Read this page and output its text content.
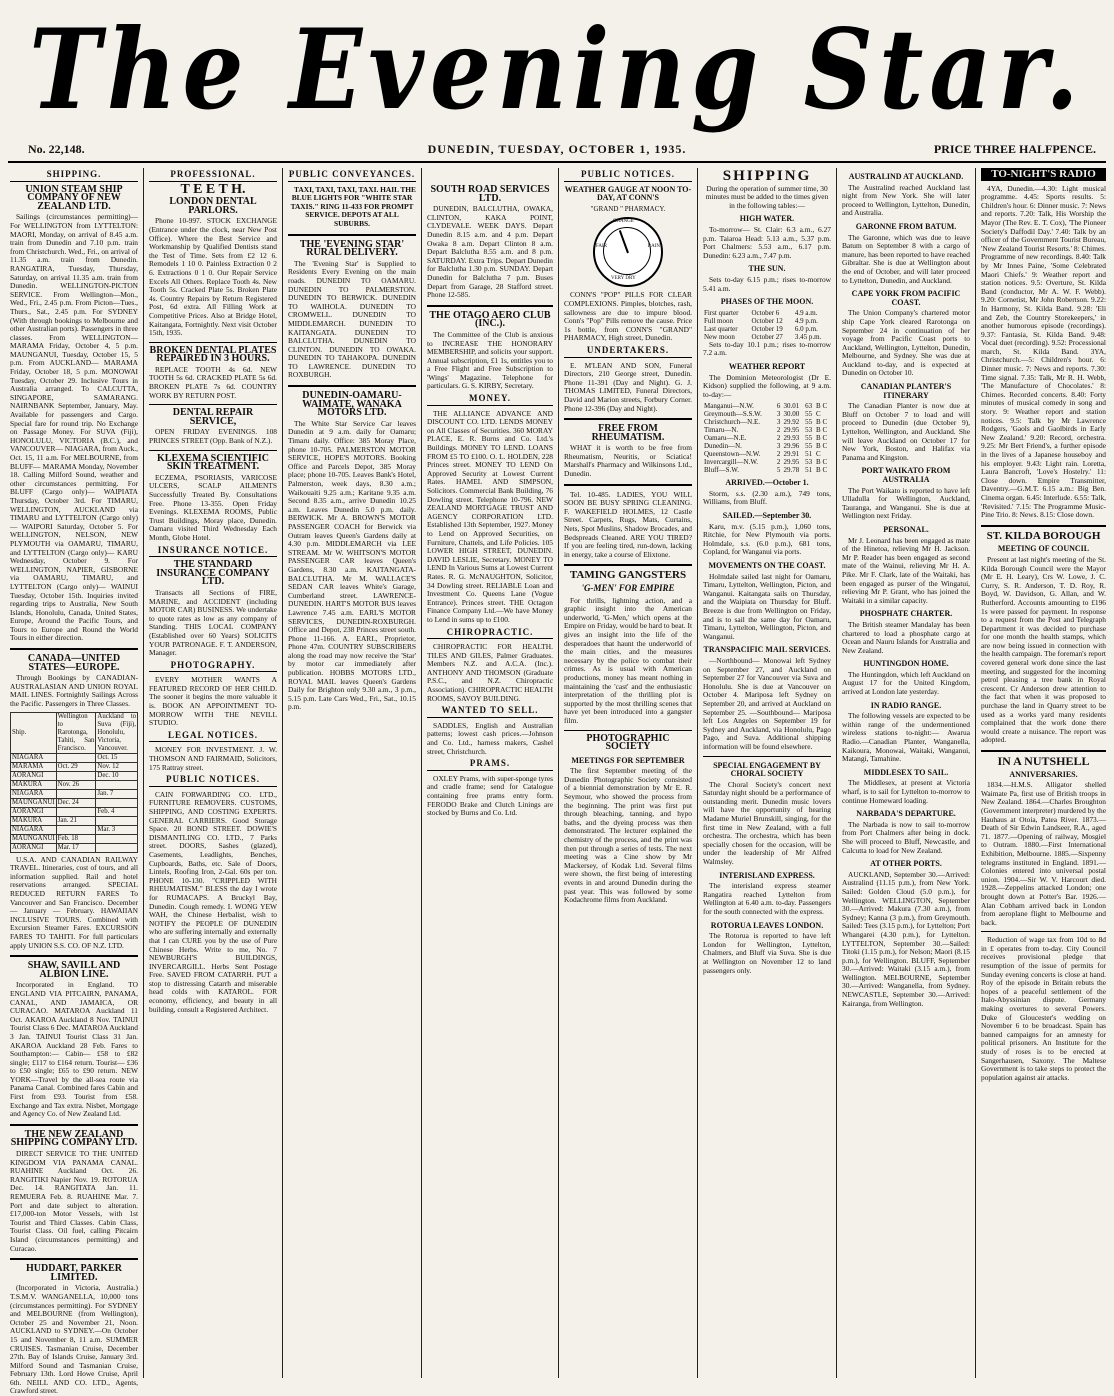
The Evening Star.
No. 22,148.	DUNEDIN, TUESDAY, OCTOBER 1, 1935.	PRICE THREE HALFPENCE.
SHIPPING.
UNION STEAM SHIP COMPANY OF NEW ZEALAND LTD.

Sailings (circumstances permitting)— For WELLINGTON from LYTTELTON: MAORI, Monday, on arrival of 8.45 a.m. train from Dunedin and 7.10 p.m. train from Christchurch. Wed., Fri., on arrival of 11.35 a.m. train from Dunedin. RANGATIRA, Tuesday, Thursday, Saturday, on arrival 11.35 a.m. train from Dunedin. WELLINGTON-PICTON SERVICE. From Wellington—Mon., Wed., Fri., 2.45 p.m. From Picton—Tues., Thurs., Sat., 2.45 p.m. For SYDNEY (With through bookings to Melbourne and other Australian ports). Passengers in three classes. From WELLINGTON— MARAMA Friday, October 4, 5 p.m. MAUNGANUI, Tuesday, October 15, 5 p.m. From AUCKLAND— MARAMA Friday, October 18, 5 p.m. MONOWAI Tuesday, October 29. Inclusive Tours in Australia arranged. To CALCUTTA, SINGAPORE, SAMARANG. NAIRNBANK September, January, May. Available for passengers and Cargo. Special fare for round trip. No Exchange on Passage Money. For SUVA (Fiji), HONOLULU, VICTORIA (B.C.), and VANCOUVER— NIAGARA, from Auck., Oct. 15, 11 a.m. For MELBOURNE, from BLUFF— MARAMA Monday, November 18. Calling Milford Sound, weather and other circumstances permitting. For BLUFF (Cargo only)— WAIPIATA Thursday, October 3rd. For TIMARU, WELLINGTON, AUCKLAND via TIMARU and LYTTELTON (Cargo only)— WAIPORI Saturday, October 5. For WELLINGTON, NELSON, NEW PLYMOUTH via OAMARU, TIMARU, and LYTTELTON (Cargo only)— KARU Wednesday, October 9. For WELLINGTON, NAPIER, GISBORNE via OAMARU, TIMARU, and LYTTELTON (Cargo only)— WAINUI Tuesday, October 15th. Inquiries invited regarding trips to Australia, New South Islands, Honolulu, Canada, United States, Europe, Around the Pacific Tours, and Tours to Europe and Round the World Tours in either direction.

CANADA—UNITED STATES—EUROPE.

Through Bookings by CANADIAN-AUSTRALASIAN AND UNION ROYAL MAIL LINES. Fortnightly Sailings Across the Pacific. Passengers in Three Classes.

Ship.	Wellington to Rarotonga, Tahiti, San Francisco.	Auckland to Suva (Fiji), Honolulu, Victoria, Vancouver.
NIAGARA		Oct. 15
MARAMA	Oct. 29	Nov. 12
AORANGI		Dec. 10
MAKURA	Nov. 26	
NIAGARA		Jan. 7
MAUNGANUI	Dec. 24	
AORANGI		Feb. 4
MAKURA	Jan. 21	
NIAGARA		Mar. 3
MAUNGANUI	Feb. 18	
AORANGI	Mar. 17	

U.S.A. AND CANADIAN RAILWAY TRAVEL. Itineraries, cost of tours, and all information supplied. Rail and hotel reservations arranged. SPECIAL REDUCED RETURN FARES To Vancouver and San Francisco. December — January — February. HAWAIIAN INCLUSIVE TOURS. Combined with Excursion Steamer Fares. EXCURSION FARES TO TAHITI. For full particulars apply UNION S.S. CO. OF N.Z. LTD.

SHAW, SAVILL AND ALBION LINE.

Incorporated in England. TO ENGLAND VIA PITCAIRN, PANAMA, CANAL, AND JAMAICA, OR CURACAO. MATAROA Auckland 11 Oct. AKAROA Auckland 8 Nov. TAINUI Tourist Class 6 Dec. MATAROA Auckland 3 Jan. TAINUI Tourist Class 31 Jan. AKAROA Auckland 28 Feb. Fares to Southampton:— Cabin— £58 to £82 single; £117 to £164 return. Tourist— £36 to £50 single; £65 to £90 return. NEW YORK—Travel by the all-sea route via Panama Canal. Combined fares Cabin and First from £93. Tourist from £58. Exchange and Tax extra. Nisbet, Mortgage and Agency Co. of New Zealand Ltd.

THE NEW ZEALAND SHIPPING COMPANY LTD.

DIRECT SERVICE TO THE UNITED KINGDOM VIA PANAMA CANAL. RUAHINE Auckland Oct. 26. RANGITIKI Napier Nov. 19. ROTORUA Dec. 14. RANGITATA Jan. 11. REMUERA Feb. 8. RUAHINE Mar. 7. Port and date subject to alteration. £17,000-ton Motor Vessels, with 1st Tourist and Third Classes. Cabin Class, Tourist Class. Oil fuel, calling Pitcairn Island (circumstances permitting) and Curacao.

HUDDART, PARKER LIMITED.

(Incorporated in Victoria, Australia.) T.S.M.V. WANGANELLA, 10,000 tons (circumstances permitting). For SYDNEY and MELBOURNE (from Wellington), October 25 and November 21, Noon. AUCKLAND to SYDNEY.—On October 15 and November 8, 11 a.m. SUMMER CRUISES. Tasmanian Cruise, December 27th. Bay of Islands Cruise, January 3rd. Milford Sound and Tasmanian Cruise, February 13th. Lord Howe Cruise, April 6th. NEILL AND CO. LTD., Agents, Crawford street.

PROFESSIONAL.
T E E T H.
LONDON DENTAL PARLORS.

Phone 10-997. STOCK EXCHANGE (Entrance under the clock, near New Post Office). Where the Best Service and Workmanship by Qualified Dentists stand the Test of Time. Sets from £2 12 6. Remodels 1 10 0. Painless Extraction 0 2 6. Extractions 0 1 0. Our Repair Service Excels All Others. Replace Tooth 4s. New Tooth 5s. Cracked Plate 5s. Broken Plate 4s. Country Repairs by Return Registered Post, 6d extra. All Filling Work at Competitive Prices. Also at Bridge Hotel, Kaitangata, Fortnightly. Next visit October 15th, 1935.

BROKEN DENTAL PLATES REPAIRED IN 3 HOURS.

REPLACE TOOTH 4s 6d. NEW TOOTH 5s 6d. CRACKED PLATE 5s 6d. BROKEN PLATE 7s 6d. COUNTRY WORK BY RETURN POST.

DENTAL REPAIR SERVICE,

OPEN FRIDAY EVENINGS. 108 PRINCES STREET (Opp. Bank of N.Z.).

KLEXEMA SCIENTIFIC SKIN TREATMENT.

ECZEMA, PSORIASIS, VARICOSE ULCERS, SCALP AILMENTS Successfully Treated By. Consultations Free. Phone 13-355. Open Friday Evenings. KLEXEMA ROOMS, Public Trust Buildings, Moray place, Dunedin. Oamaru visited Third Wednesday Each Month, Globe Hotel.

INSURANCE NOTICE.
THE STANDARD INSURANCE COMPANY LTD.

Transacts all Sections of FIRE, MARINE, and ACCIDENT (including MOTOR CAR) BUSINESS. We undertake to quote rates as low as any company of Standing. THIS LOCAL COMPANY (Established over 60 Years) SOLICITS YOUR PATRONAGE. F. T. ANDERSON, Manager.

PHOTOGRAPHY.

EVERY MOTHER WANTS A FEATURED RECORD OF HER CHILD. The sooner it begins the more valuable it is. BOOK AN APPOINTMENT TO-MORROW WITH THE NEVILL STUDIO.

LEGAL NOTICES.

MONEY FOR INVESTMENT. J. W. THOMSON AND FAIRMAID, Solicitors, 175 Rattray street.

PUBLIC NOTICES.

CAIN FORWARDING CO. LTD., FURNITURE REMOVERS. CUSTOMS, SHIPPING, AND COSTING EXPERTS. GENERAL CARRIERS. Good Storage Space. 20 BOND STREET. DOWIE'S DISMANTLING CO. LTD., 7 Parks street. DOORS, Sashes (glazed), Casements, Leadlights, Benches, Cupboards, Baths, etc. Sale of Doors, Lintels, Roofing Iron, 2-Gal. 60s per ton. PHONE 10-130. "CRIPPLED WITH RHEUMATISM." BLESS the day I wrote for RUMACAPS. A Bruckyl Bay, Dunedin. Cough remedy. I. WONG YEW WAH, the Chinese Herbalist, wish to NOTIFY the PEOPLE OF DUNEDIN who are suffering internally and externally that I can CURE you by the use of Pure Chinese Herbs. Write to me, No. 7 NEWBURGH'S BUILDINGS, INVERCARGILL. Herbs Sent Postage Free. SAVED FROM CATARRH. PUT a stop to distressing Catarrh and miserable head colds with KATAROL. FOR economy, efficiency, and beauty in all building, consult a Registered Architect.

PUBLIC CONVEYANCES.

TAXI, TAXI, TAXI, TAXI. HAIL THE BLUE LIGHTS FOR "WHITE STAR TAXIS." RING 11-433 FOR PROMPT SERVICE. DEPOTS AT ALL SUBURBS.

THE 'EVENING STAR' RURAL DELIVERY.

The 'Evening Star' is Supplied to Residents Every Evening on the main roads. DUNEDIN TO OAMARU. DUNEDIN TO PALMERSTON. DUNEDIN TO BERWICK. DUNEDIN TO WAIHOLA. DUNEDIN TO CROMWELL. DUNEDIN TO MIDDLEMARCH. DUNEDIN TO KAITANGATA. DUNEDIN TO BALCLUTHA. DUNEDIN TO CLINTON. DUNEDIN TO OWAKA. DUNEDIN TO TAHAKOPA. DUNEDIN TO LAWRENCE. DUNEDIN TO ROXBURGH.

DUNEDIN-OAMARU-WAIMATE, WANAKA MOTORS LTD.

The White Star Service Car leaves Dunedin at 9 a.m. daily for Oamaru; Timaru daily. Office: 385 Moray Place, phone 10-705. PALMERSTON MOTOR SERVICE, HOPE'S MOTORS. Booking Office and Parcels Depot, 385 Moray place; phone 10-705. Leaves Bank's Hotel, Palmerston, week days, 8.30 a.m.; Waikouaiti 9.25 a.m.; Karitane 9.35 a.m. Second 8.35 a.m., arrive Dunedin 10.25 a.m. Leaves Dunedin 5.0 p.m. daily. BERWICK. Mr A. BROWN'S MOTOR PASSENGER COACH for Berwick via Outram leaves Queen's Gardens daily at 4.30 p.m. MIDDLEMARCH via LEE STREAM. Mr W. WHITSON'S MOTOR PASSENGER CAR leaves Queen's Gardens, 8.30 a.m. KAITANGATA-BALCLUTHA. Mr M. WALLACE'S SEDAN CAR leaves White's Garage, Cumberland street. LAWRENCE-DUNEDIN. HART'S MOTOR BUS leaves Lawrence 7.45 a.m. EARL'S MOTOR SERVICES, DUNEDIN-ROXBURGH. Office and Depot, 238 Princes street south. Phone 11-166. A. EARL, Proprietor, Phone 47m. COUNTRY SUBSCRIBERS along the road may now receive the 'Star' by motor car immediately after publication. HOBBS MOTORS LTD., ROYAL MAIL leaves Queen's Gardens Daily for Brighton only 9.30 a.m., 3 p.m., 5.15 p.m. Late Cars Wed., Fri., Sat., 10.15 p.m.

SOUTH ROAD SERVICES LTD.

DUNEDIN, BALCLUTHA, OWAKA, CLINTON, KAKA POINT, CLYDEVALE. WEEK DAYS. Depart Dunedin 8.15 a.m. and 4 p.m. Depart Owaka 8 a.m. Depart Clinton 8 a.m. Depart Balclutha 8.55 a.m. and 8 p.m. SATURDAY. Extra Trips. Depart Dunedin for Balclutha 1.30 p.m. SUNDAY. Depart Dunedin for Balclutha 7 p.m. Buses Depart from Garage, 28 Stafford street. Phone 12-585.

THE OTAGO AERO CLUB (INC.).

The Committee of the Club is anxious to INCREASE THE HONORARY MEMBERSHIP, and solicits your support. Annual subscription, £1 1s, entitles you to a Free Flight and Free Subscription to 'Wings' Magazine. Telephone for particulars. G. S. KIRBY, Secretary.

MONEY.

THE ALLIANCE ADVANCE AND DISCOUNT CO. LTD. LENDS MONEY on All Classes of Securities. 360 MORAY PLACE, E. R. Burns and Co. Ltd.'s Buildings. MONEY TO LEND. LOANS FROM £5 TO £100. O. L. HOLDEN, 228 Princes street. MONEY TO LEND On Approved Security at Lowest Current Rates. HAMEL AND SIMPSON, Solicitors. Commercial Bank Building, 76 Dowling street. Telephone 10-796. NEW ZEALAND MORTGAGE TRUST AND AGENCY CORPORATION LTD. Established 13th September, 1927. Money to Lend on Approved Securities, on Furniture, Chattels, and Life Policies. 105 LOWER HIGH STREET, DUNEDIN. DAVID LESLIE, Secretary. MONEY TO LEND In Various Sums at Lowest Current Rates. R. G. McNAUGHTON, Solicitor, 34 Dowling street. RELIABLE Loan and Investment Co. Queens Lane (Vogue Entrance). Princes street. THE Octagon Finance Company Ltd.—We have Money to Lend in sums up to £100.

CHIROPRACTIC.

CHIROPRACTIC FOR HEALTH. TILES AND GILES, Palmer Graduates. Members N.Z. and A.C.A. (Inc.). ANTHONY AND THOMSON (Graduate P.S.C., and N.Z. Chiropractic Association). CHIROPRACTIC HEALTH ROOMS, SAVOY BUILDING.

WANTED TO SELL.

SADDLES, English and Australian patterns; lowest cash prices.—Johnson and Co. Ltd., harness makers, Cashel street, Christchurch.

PRAMS.

OXLEY Prams, with super-sponge tyres and cradle frame; send for Catalogue containing free prams entry form. FERODO Brake and Clutch Linings are stocked by Burns and Co. Ltd.

PUBLIC NOTICES.
WEATHER GAUGE AT NOON TO-DAY, AT CONN'S
"GRAND " PHARMACY.
CHANGE
FAIR	RAIN
VERY DRY

CONN'S "POP" PILLS FOR CLEAR COMPLEXIONS. Pimples, blotches, rash, sallowness are due to impure blood. Conn's "Pop" Pills remove the cause. Price 1s bottle, from CONN'S "GRAND" PHARMACY, High street, Dunedin.

UNDERTAKERS.

E. M'LEAN AND SON, Funeral Directors, 210 George street, Dunedin. Phone 11-391 (Day and Night). G. J. THOMAS LIMITED, Funeral Directors, David and Marion streets, Forbury Corner. Phone 12-396 (Day and Night).

FREE FROM RHEUMATISM.

WHAT it is worth to be free from Rheumatism, Neuritis, or Sciatica! Marshall's Pharmacy and Wilkinsons Ltd., Dunedin.

Tel. 10-485. LADIES, YOU WILL SOON BE BUSY SPRING CLEANING. F. WAKEFIELD HOLMES, 12 Castle Street. Carpets, Rugs, Mats, Curtains, Nets, Spot Muslins, Shadow Brocades, and Bedspreads Cleaned. ARE YOU TIRED? If you are feeling tired, run-down, lacking in energy, take a course of Elixtone.

TAMING GANGSTERS
'G-MEN' FOR EMPIRE

For thrills, lightning action, and a graphic insight into the American underworld, 'G-Men,' which opens at the Empire on Friday, would be hard to beat. It gives an insight into the life of the desperadoes that haunt the underworld of the main cities, and the measures necessary by the police to combat their crimes. As is usual with American productions, money has meant nothing in maintaining the 'cast' and the enthusiastic interpretation of the thrilling plot is supported by the most thrilling scenes that have yet been introduced into a gangster film.

PHOTOGRAPHIC SOCIETY
MEETINGS FOR SEPTEMBER

The first September meeting of the Dunedin Photographic Society consisted of a biennial demonstration by Mr E. R. Seymour, who showed the process from the beginning. The print was first put through bleaching, tanning, and hypo baths, and the dyeing process was then demonstrated. The lecturer explained the chemistry of the process, and the print was then put through a series of tests. The next meeting was a Cine show by Mr Mackersey, of Kodak Ltd. Several films were shown, the first being of interesting events in and around Dunedin during the past year. This was followed by some Kodachrome films from Auckland.

SHIPPING

During the operation of summer time, 30 minutes must be added to the times given in the following tables:—

HIGH WATER.

To-morrow— St. Clair: 6.3 a.m., 6.27 p.m. Taiaroa Head: 5.13 a.m., 5.37 p.m. Port Chalmers: 5.53 a.m., 6.17 p.m. Dunedin: 6.23 a.m., 7.47 p.m.

THE SUN.

Sets to-day 6.15 p.m.; rises to-morrow 5.41 a.m.

PHASES OF THE MOON.
First quarter	October 6	4.9 a.m.
Full moon	October 12	4.9 p.m.
Last quarter	October 19	6.0 p.m.
New moon	October 27	3.45 p.m.

Sets to-day 10.1 p.m.; rises to-morrow 7.2 a.m.

WEATHER REPORT

The Dominion Meteorologist (Dr E. Kidson) supplied the following, at 9 a.m. to-day:—

Manganui—N.W.	6	30.01	63	B C
Greymouth—S.S.W.	3	30.00	55	C
Christchurch—N.E.	3	29.92	55	B C
Timaru—N.	2	29.95	53	B C
Oamaru—N.E.	2	29.93	55	B C
Dunedin—N.	3	29.96	55	B C
Queenstown—N.W.	2	29.91	51	C
Invercargill—N.W.	2	29.95	53	B C
Bluff—S.W.	5	29.78	51	B C
ARRIVED.—October 1.

Storm, s.s. (2.30 a.m.), 749 tons, Williams, from Bluff.

SAILED.—September 30.

Karu, m.v. (5.15 p.m.), 1,060 tons, Ritchie, for New Plymouth via ports. Holmdale, s.s. (6.0 p.m.), 681 tons, Copland, for Wanganui via ports.

MOVEMENTS ON THE COAST.

Holmdale sailed last night for Oamaru, Timaru, Lyttelton, Wellington, Picton, and Wanganui. Kaitangata sails on Thursday, and the Waipiata on Thursday for Bluff. Breeze is due from Wellington on Friday, and is to sail the same day for Oamaru, Timaru, Lyttelton, Wellington, Picton, and Wanganui.

TRANSPACIFIC MAIL SERVICES.

—Northbound— Monowai left Sydney on September 27, and Auckland on September 27 for Vancouver via Suva and Honolulu. She is due at Vancouver on October 4. Mariposa left Sydney on September 20, and arrived at Auckland on September 25. —Southbound— Mariposa left Los Angeles on September 19 for Sydney and Auckland, via Honolulu, Pago Pago, and Suva. Additional shipping information will be found elsewhere.

SPECIAL ENGAGEMENT BY CHORAL SOCIETY

The Choral Society's concert next Saturday night should be a performance of outstanding merit. Dunedin music lovers will have the opportunity of hearing Madame Muriel Brunskill, singing, for the first time in New Zealand, with a full orchestra. The orchestra, which has been specially chosen for the occasion, will be under the leadership of Mr Alfred Walmsley.

INTERISLAND EXPRESS.

The interisland express steamer Rangatira reached Lyttelton from Wellington at 6.40 a.m. to-day. Passengers for the south connected with the express.

ROTORUA LEAVES LONDON.

The Rotorua is reported to have left London for Wellington, Lyttelton, Chalmers, and Bluff via Suva. She is due at Wellington on November 12 to land passengers only.

AUSTRALIND AT AUCKLAND.

The Australind reached Auckland last night from New York. She will later proceed to Wellington, Lyttelton, Dunedin, and Australia.

GARONNE FROM BATUM.

The Garonne, which was due to leave Batum on September 8 with a cargo of manure, has been reported to have reached Gibraltar. She is due at Wellington about the end of October, and will later proceed to Lyttelton, Dunedin, and Auckland.

CAPE YORK FROM PACIFIC COAST.

The Union Company's chartered motor ship Cape York cleared Rarotonga on September 24 in continuation of her voyage from Pacific Coast ports to Auckland, Wellington, Lyttelton, Dunedin, Melbourne, and Sydney. She was due at Auckland to-day, and is expected at Dunedin on October 10.

CANADIAN PLANTER'S ITINERARY

The Canadian Planter is now due at Bluff on October 7 to load and will proceed to Dunedin (due October 9), Lyttelton, Wellington, and Auckland. She will leave Auckland on October 17 for New York, Boston, and Halifax via Panama and Kingston.

PORT WAIKATO FROM AUSTRALIA

The Port Waikato is reported to have left Ulladulla for Wellington, Auckland, Tauranga, and Wanganui. She is due at Wellington next Friday.

PERSONAL.

Mr J. Leonard has been engaged as mate of the Hinetoa, relieving Mr H. Jackson. Mr P. Reader has been engaged as second mate of the Wainui, relieving Mr H. A. Pike. Mr F. Clark, late of the Waitaki, has been engaged as purser of the Wingatui, relieving Mr P. Grant, who has joined the Waitaki in a similar capacity.

PHOSPHATE CHARTER.

The British steamer Mandalay has been chartered to load a phosphate cargo at Ocean and Nauru Islands for Australia and New Zealand.

HUNTINGDON HOME.

The Huntingdon, which left Auckland on August 17 for the United Kingdom, arrived at London late yesterday.

IN RADIO RANGE.

The following vessels are expected to be within range of the undermentioned wireless stations to-night:— Awarua Radio.—Canadian Planter, Wanganella, Kaikoura, Monowai, Waitaki, Wanganui, Matangi, Tamahine.

MIDDLESEX TO SAIL.

The Middlesex, at present at Victoria wharf, is to sail for Lyttelton to-morrow to continue Homeward loading.

NARBADA'S DEPARTURE.

The Narbada is now to sail to-morrow from Port Chalmers after being in dock. She will proceed to Bluff, Newcastle, and Calcutta to load for New Zealand.

AT OTHER PORTS.

AUCKLAND, September 30.—Arrived: Australind (11.15 p.m.), from New York. Sailed: Golden Cloud (5.0 p.m.), for Wellington. WELLINGTON, September 30.—Arrived: Makura (7.30 a.m.), from Sydney; Kanna (3 p.m.), from Greymouth. Sailed: Tees (3.15 p.m.), for Lyttelton; Port Whangarei (4.30 p.m.), for Lyttelton. LYTTELTON, September 30.—Sailed: Titoki (1.15 p.m.), for Nelson; Maori (8.15 p.m.), for Wellington. BLUFF, September 30.—Arrived: Waitaki (3.15 a.m.), from Wellington. MELBOURNE, September 30.—Arrived: Wanganella, from Sydney. NEWCASTLE, September 30.—Arrived: Kairanga, from Wellington.

TO-NIGHT'S RADIO

4YA, Dunedin.—4.30: Light musical programme. 4.45: Sports results. 5: Children's hour. 6: Dinner music. 7: News and reports. 7.20: Talk, His Worship the Mayor (The Rev. E. T. Cox), 'The Pioneer Society's Daffodil Day.' 7.40: Talk by an officer of the Government Tourist Bureau, 'New Zealand Tourist Resorts.' 8: Chimes. Programme of new recordings. 8.40: Talk by Mr Innes Paine, 'Some Celebrated Maori Chiefs.' 9: Weather report and station notices. 9.5: Overture, St. Kilda Band (conductor, Mr A. W. F. Webb). 9.20: Cornetist, Mr John Robertson. 9.22: In Harmony, St. Kilda Band. 9.28: 'Eli and Zeb, the Country Storekeepers,' in another humorous episode (recordings). 9.37: Fantasia, St. Kilda Band. 9.48: Vocal duet (recording). 9.52: Processional march, St. Kilda Band. 3YA, Christchurch.—5: Children's hour. 6: Dinner music. 7: News and reports. 7.30: Time signal. 7.35: Talk, Mr R. H. Webb, 'The Manufacture of Chocolates.' 8: Chimes. Recorded concerts. 8.40: Forty minutes of musical comedy in song and story. 9: Weather report and station notices. 9.5: Talk by Mr Lawrence Rodgers, 'Gaols and Gaolbirds in Early New Zealand.' 9.20: Record, orchestra. 9.25: Mr Bert Friend's, a further episode in the lives of a Japanese houseboy and his employer. 9.43: Light rain. Loretta, Laura Bancroft, 'Love's Hostelry.' 11: Close down. Empire Transmitter, Daventry.—G.M.T. 6.15 a.m.: Big Ben. Cinema organ. 6.45: Interlude. 6.55: Talk, 'Revisited.' 7.15: The Programme Music-Pine Trio. 8: News. 8.15: Close down.

ST. KILDA BOROUGH
MEETING OF COUNCIL

Present at last night's meeting of the St. Kilda Borough Council were the Mayor (Mr E. H. Leary), Crs W. Lowe, J. C. Curry, S. R. Anderson, T. D. Roy, R. Boyd, W. Davidson, G. Allan, and W. Rutherford. Accounts amounting to £196 1s were passed for payment. In response to a request from the Post and Telegraph Department it was decided to purchase for one month the health stamps, which are now being issued in connection with the health campaign. The foreman's report covered general work done since the last meeting, and suggested for the incoming petrol pleasing a tree bank in Royal crescent. Cr Anderson drew attention to the fact that when it was proposed to purchase the land in Quarry street to be used as a works yard many residents complained that the work done there would create a nuisance. The report was adopted.

IN A NUTSHELL
ANNIVERSARIES.

1834.—H.M.S. Alligator shelled Waimate Pa, first use of British troops in New Zealand. 1864.—Charles Broughton (Government interpreter) murdered by the Hauhaus at Otoia, Patea River. 1873.—Death of Sir Edwin Landseer, R.A., aged 71. 1877.—Opening of railway, Mosgiel to Outram. 1880.—First International Exhibition, Melbourne. 1885.—Sixpenny telegrams instituted in England. 1891.—Colonies entered into universal postal union. 1904.—Sir W. V. Harcourt died. 1928.—Zeppelins attacked London; one brought down at Potter's Bar. 1926.—Alan Cobham arrived back in London from aeroplane flight to Melbourne and back.

Reduction of wage tax from 10d to 8d in £ operates from to-day. City Council receives provisional pledge that resumption of the issue of permits for Sunday evening concerts is close at hand. Roy of the episode in Britain rebuts the hopes of a peaceful settlement of the Italo-Abyssinian dispute. Germany making overtures to several Powers. Duke of Gloucester's wedding on November 6 to be broadcast. Spain has banned campaigns for an amnesty for political prisoners. An Institute for the study of roses is to be erected at Sangerhausen, Saxony. The Maltese Government is to take steps to protect the population against air attacks.
